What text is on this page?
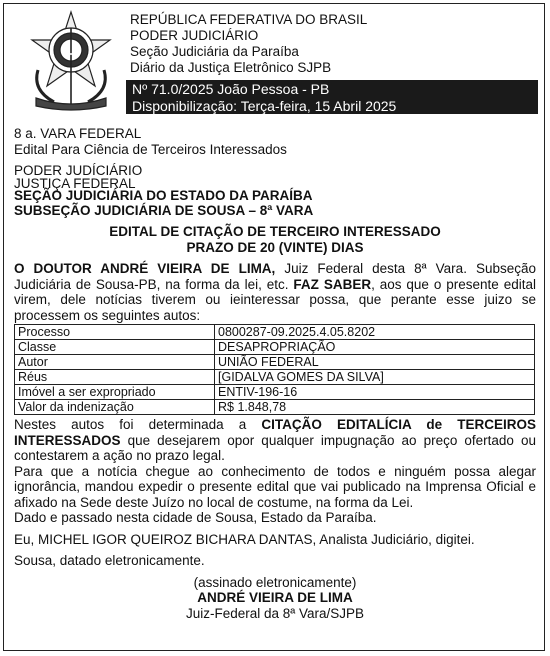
REPÚBLICA FEDERATIVA DO BRASIL
PODER JUDICIÁRIO
Seção Judiciária da Paraíba
Diário da Justiça Eletrônico SJPB
Nº 71.0/2025 João Pessoa - PB
Disponibilização: Terça-feira, 15 Abril 2025
8 a. VARA FEDERAL
Edital Para Ciência de Terceiros Interessados
PODER JUDÍCIÁRIO
JUSTIÇA FEDERAL
SEÇÃO JUDICIÁRIA DO ESTADO DA PARAÍBA
SUBSEÇÃO JUDICIÁRIA DE SOUSA – 8ª VARA
EDITAL DE CITAÇÃO DE TERCEIRO INTERESSADO
PRAZO DE 20 (VINTE) DIAS

O DOUTOR ANDRÉ VIEIRA DE LIMA, Juiz Federal desta 8ª Vara. Subseção Judiciária de Sousa-PB, na forma da lei, etc. FAZ SABER, aos que o presente edital virem, dele notícias tiverem ou ieinteressar possa, que perante esse juizo se processem os seguintes autos:

Processo	0800287-09.2025.4.05.8202
Classe	DESAPROPRIAÇÃO
Autor	UNIÃO FEDERAL
Réus	[GIDALVA GOMES DA SILVA]
Imóvel a ser expropriado	ENTIV-196-16
Valor da indenização	R$ 1.848,78

Nestes autos foi determinada a CITAÇÃO EDITALÍCIA de TERCEIROS INTERESSADOS que desejarem opor qualquer impugnação ao preço ofertado ou contestarem a ação no prazo legal.

Para que a notícia chegue ao conhecimento de todos e ninguém possa alegar ignorância, mandou expedir o presente edital que vai publicado na Imprensa Oficial e afixado na Sede deste Juízo no local de costume, na forma da Lei.

Dado e passado nesta cidade de Sousa, Estado da Paraíba.

Eu, MICHEL IGOR QUEIROZ BICHARA DANTAS, Analista Judiciário, digitei.

Sousa, datado eletronicamente.

(assinado eletronicamente)
ANDRÉ VIEIRA DE LIMA
Juiz-Federal da 8ª Vara/SJPB
